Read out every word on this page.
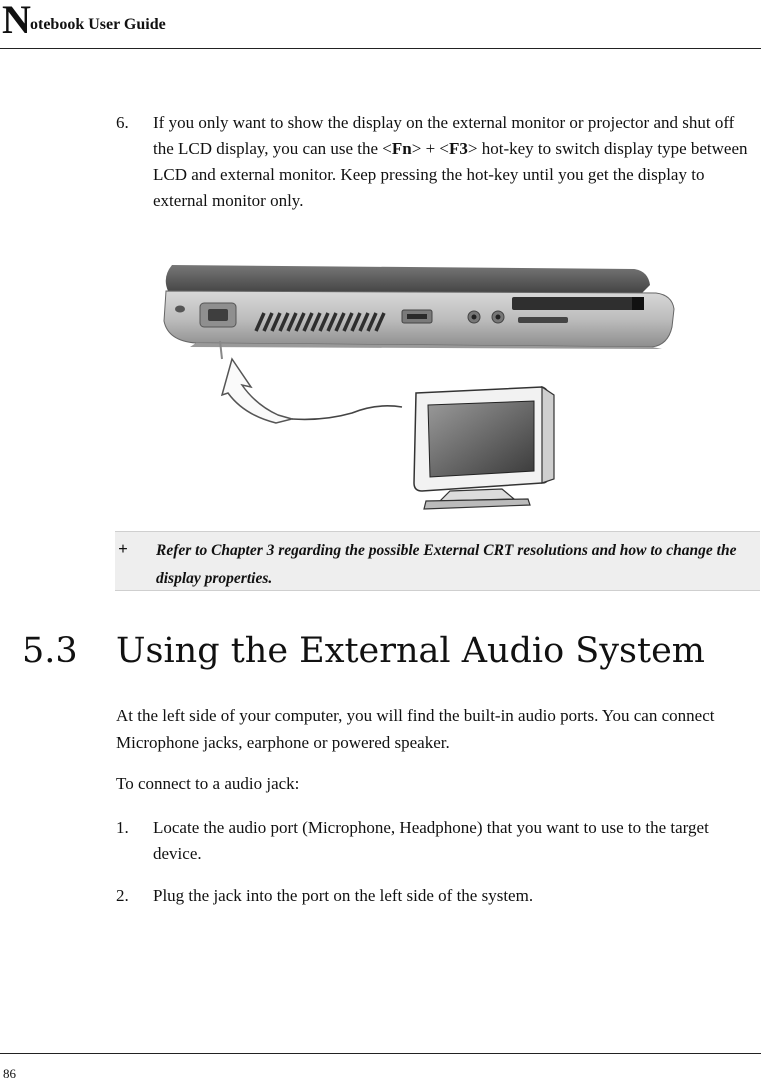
N otebook User Guide
6. If you only want to show the display on the external monitor or projector and shut off the LCD display, you can use the <Fn> + <F3> hot-key to switch display type between LCD and external monitor. Keep pressing the hot-key until you get the display to external monitor only.
+ Refer to Chapter 3 regarding the possible External CRT resolutions and how to change the display properties.
5.3 Using the External Audio System
At the left side of your computer, you will find the built-in audio ports. You can connect Microphone jacks, earphone or powered speaker.
To connect to a audio jack:
1. Locate the audio port (Microphone, Headphone) that you want to use to the target device.
2. Plug the jack into the port on the left side of the system.
86
